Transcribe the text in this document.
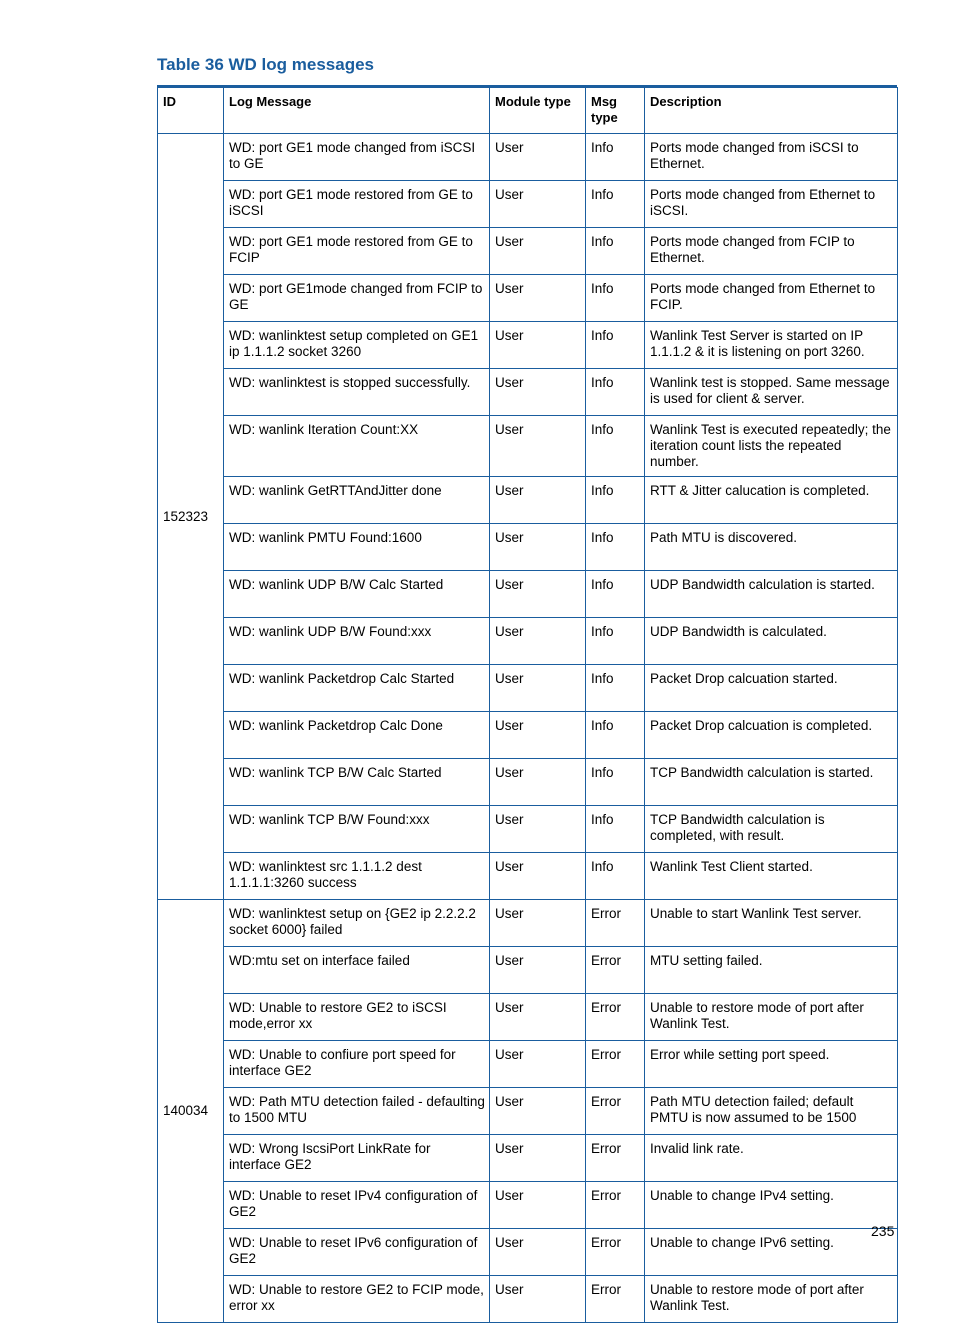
Table 36 WD log messages
ID	Log Message	Module type	Msg type	Description
152323	WD: port GE1 mode changed from iSCSI to GE	User	Info	Ports mode changed from iSCSI to Ethernet.
	WD: port GE1 mode restored from GE to iSCSI	User	Info	Ports mode changed from Ethernet to iSCSI.
	WD: port GE1 mode restored from GE to FCIP	User	Info	Ports mode changed from FCIP to Ethernet.
	WD: port GE1mode changed from FCIP to GE	User	Info	Ports mode changed from Ethernet to FCIP.
	WD: wanlinktest setup completed on GE1 ip 1.1.1.2 socket 3260	User	Info	Wanlink Test Server is started on IP 1.1.1.2 & it is listening on port 3260.
	WD: wanlinktest is stopped successfully.	User	Info	Wanlink test is stopped. Same message is used for client & server.
	WD: wanlink Iteration Count:XX	User	Info	Wanlink Test is executed repeatedly; the iteration count lists the repeated number.
	WD: wanlink GetRTTAndJitter done	User	Info	RTT & Jitter calucation is completed.
	WD: wanlink PMTU Found:1600	User	Info	Path MTU is discovered.
	WD: wanlink UDP B/W Calc Started	User	Info	UDP Bandwidth calculation is started.
	WD: wanlink UDP B/W Found:xxx	User	Info	UDP Bandwidth is calculated.
	WD: wanlink Packetdrop Calc Started	User	Info	Packet Drop calcuation started.
	WD: wanlink Packetdrop Calc Done	User	Info	Packet Drop calcuation is completed.
	WD: wanlink TCP B/W Calc Started	User	Info	TCP Bandwidth calculation is started.
	WD: wanlink TCP B/W Found:xxx	User	Info	TCP Bandwidth calculation is completed, with result.
	WD: wanlinktest src 1.1.1.2 dest 1.1.1.1:3260 success	User	Info	Wanlink Test Client started.
140034	WD: wanlinktest setup on {GE2 ip 2.2.2.2 socket 6000} failed	User	Error	Unable to start Wanlink Test server.
	WD:mtu set on interface failed	User	Error	MTU setting failed.
	WD: Unable to restore GE2 to iSCSI mode,error xx	User	Error	Unable to restore mode of port after Wanlink Test.
	WD: Unable to confiure port speed for interface GE2	User	Error	Error while setting port speed.
	WD: Path MTU detection failed - defaulting to 1500 MTU	User	Error	Path MTU detection failed; default PMTU is now assumed to be 1500
	WD: Wrong IscsiPort LinkRate for interface GE2	User	Error	Invalid link rate.
	WD: Unable to reset IPv4 configuration of GE2	User	Error	Unable to change IPv4 setting.
	WD: Unable to reset IPv6 configuration of GE2	User	Error	Unable to change IPv6 setting.
	WD: Unable to restore GE2 to FCIP mode, error xx	User	Error	Unable to restore mode of port after Wanlink Test.
235
